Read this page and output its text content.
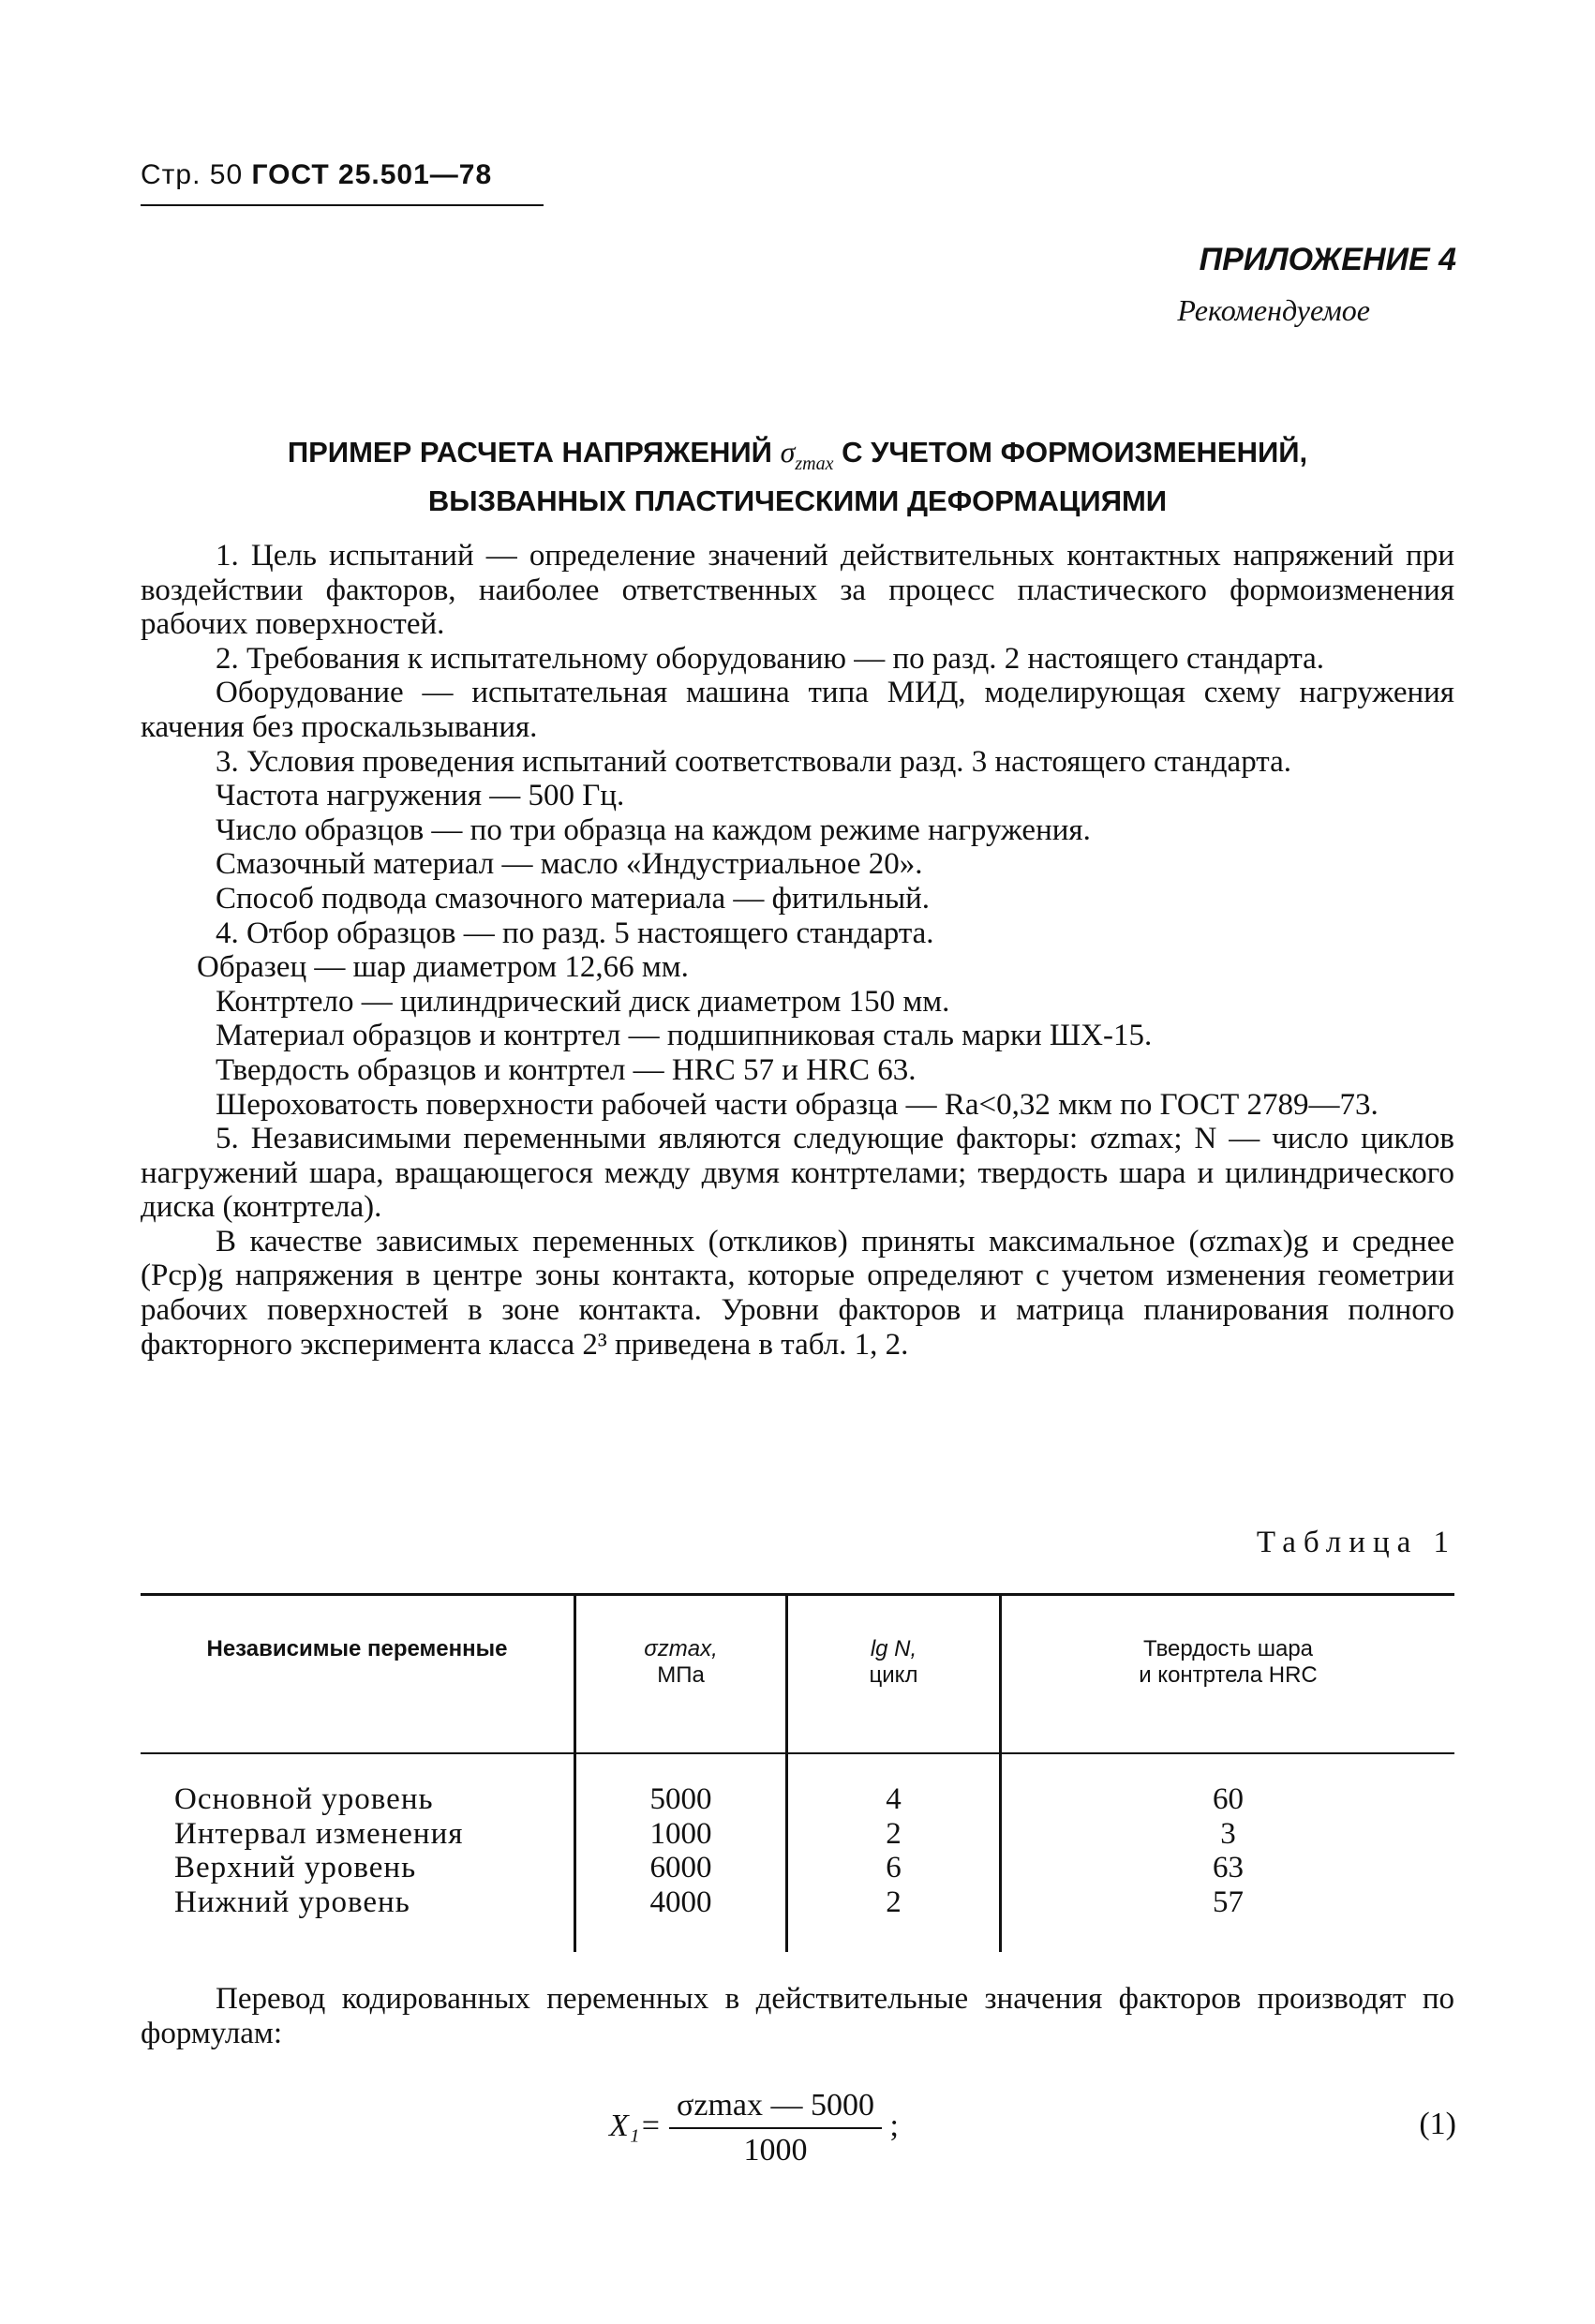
Стр. 50 ГОСТ 25.501—78
ПРИЛОЖЕНИЕ 4
Рекомендуемое
ПРИМЕР РАСЧЕТА НАПРЯЖЕНИЙ $\sigma_{zmax}$ С УЧЕТОМ ФОРМОИЗМЕНЕНИЙ,
ВЫЗВАННЫХ ПЛАСТИЧЕСКИМИ ДЕФОРМАЦИЯМИ

1. Цель испытаний — определение значений действительных контактных напряжений при воздействии факторов, наиболее ответственных за процесс пластического формоизменения рабочих поверхностей.

2. Требования к испытательному оборудованию — по разд. 2 настоящего стандарта.

Оборудование — испытательная машина типа МИД, моделирующая схему нагружения качения без проскальзывания.

3. Условия проведения испытаний соответствовали разд. 3 настоящего стандарта.

Частота нагружения — 500 Гц.

Число образцов — по три образца на каждом режиме нагружения.

Смазочный материал — масло «Индустриальное 20».

Способ подвода смазочного материала — фитильный.

4. Отбор образцов — по разд. 5 настоящего стандарта.

Образец — шар диаметром 12,66 мм.

Контртело — цилиндрический диск диаметром 150 мм.

Материал образцов и контртел — подшипниковая сталь марки ШХ-15.

Твердость образцов и контртел — HRC 57 и HRC 63.

Шероховатость поверхности рабочей части образца — Ra<0,32 мкм по ГОСТ 2789—73.

5. Независимыми переменными являются следующие факторы: σzmax; N — число циклов нагружений шара, вращающегося между двумя контртелами; твердость шара и цилиндрического диска (контртела).

В качестве зависимых переменных (откликов) приняты максимальное (σzmax)g и среднее (Pср)g напряжения в центре зоны контакта, которые определяют с учетом изменения геометрии рабочих поверхностей в зоне контакта. Уровни факторов и матрица планирования полного факторного эксперимента класса 2³ приведена в табл. 1, 2.

Таблица 1
Независимые переменные	σzmax,
МПа
lg N,
цикл
Твердость шара
и контртела HRC
Основной уровень
Интервал изменения
Верхний уровень
Нижний уровень
5000
1000
6000
4000
4
2
6
2
60
3
63
57
Перевод кодированных переменных в действительные значения факторов производят по формулам:
$X_1= \frac{\sigma zmax — 5000}{1000}$ ;	(1)
